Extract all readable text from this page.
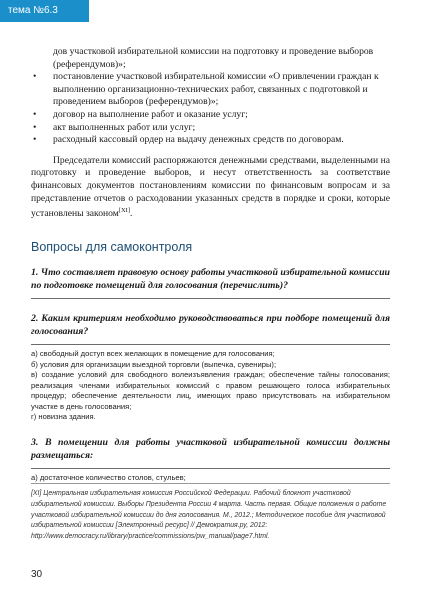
тема №6.3
дов участковой избирательной комиссии на подготовку и проведение выборов (референдумов)»;
• постановление участковой избирательной комиссии «О привлечении граждан к выполнению организационно-технических работ, связанных с подготовкой и проведением выборов (референдумов)»;
• договор на выполнение работ и оказание услуг;
• акт выполненных работ или услуг;
• расходный кассовый ордер на выдачу денежных средств по договорам.

Председатели комиссий распоряжаются денежными средствами, выделенными на подготовку и проведение выборов, и несут ответственность за соответствие финансовых документов постановлениям комиссии по финансовым вопросам и за представление отчетов о расходовании указанных средств в порядке и сроки, которые установлены законом[XI].

Вопросы для самоконтроля
1. Что составляет правовую основу работы участковой избирательной комиссии по подготовке помещений для голосования (перечислить)?
2. Каким критериям необходимо руководствоваться при подборе помещений для голосования?
а) свободный доступ всех желающих в помещение для голосования;
б) условия для организации выездной торговли (выпечка, сувениры);
в) создание условий для свободного волеизъявления граждан; обеспечение тайны голосования; реализация членами избирательных комиссий с правом решающего голоса избирательных процедур; обеспечение деятельности лиц, имеющих право присутствовать на избирательном участке в день голосования;
г) новизна здания.
3. В помещении для работы участковой избирательной комиссии должны размещаться:
а) достаточное количество столов, стульев;
[XI] Центральная избирательная комиссия Российской Федерации. Рабочий блокнот участковой избирательной комиссии. Выборы Президента России 4 марта. Часть первая. Общие положения о работе участковой избирательной комиссии до дня голосования. М., 2012.; Методическое пособие для участковой избирательной комиссии [Электронный ресурс] // Демократия.ру, 2012: http://www.democracy.ru/library/practice/commissions/pw_manual/page7.html.
30
